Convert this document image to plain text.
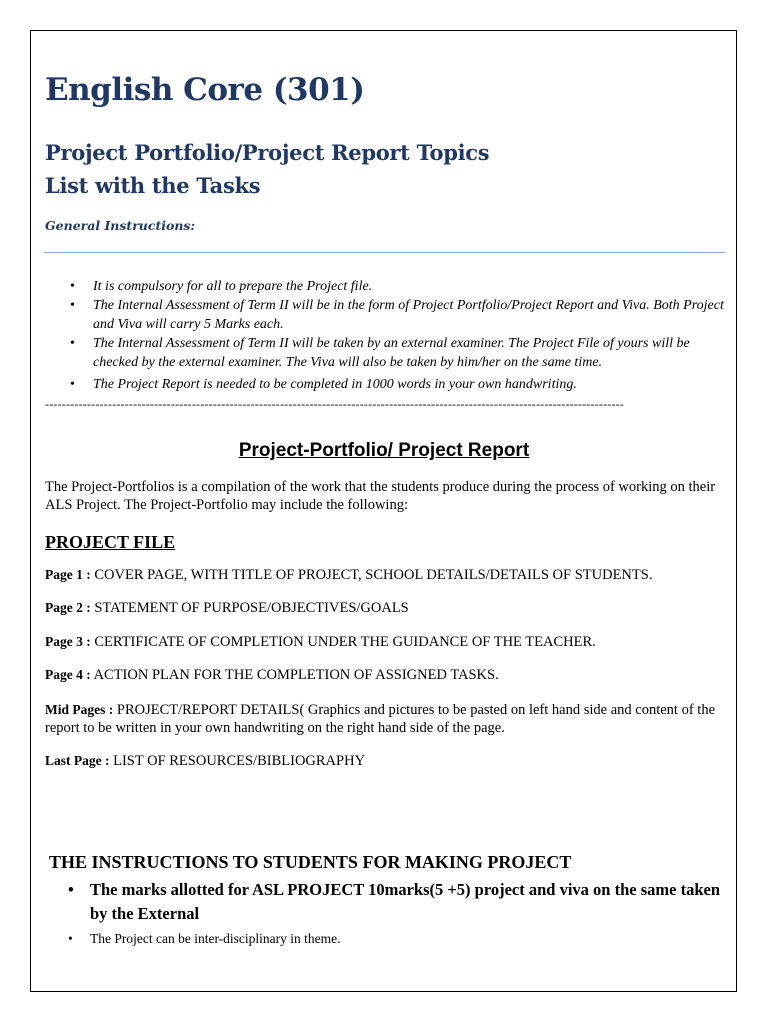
English Core (301)
Project Portfolio/Project Report Topics
List with the Tasks
General Instructions:
• It is compulsory for all to prepare the Project file.
• The Internal Assessment of Term II will be in the form of Project Portfolio/Project Report and Viva. Both Project and Viva will carry 5 Marks each.
• The Internal Assessment of Term II will be taken by an external examiner. The Project File of yours will be checked by the external examiner. The Viva will also be taken by him/her on the same time.
• The Project Report is needed to be completed in 1000 words in your own handwriting.
------------------------------------------------------------------------------------------------------------------------------------------
Project-Portfolio/ Project Report

The Project-Portfolios is a compilation of the work that the students produce during the process of working on their ALS Project. The Project-Portfolio may include the following:

PROJECT FILE
Page 1 : COVER PAGE, WITH TITLE OF PROJECT, SCHOOL DETAILS/DETAILS OF STUDENTS.
Page 2 : STATEMENT OF PURPOSE/OBJECTIVES/GOALS
Page 3 : CERTIFICATE OF COMPLETION UNDER THE GUIDANCE OF THE TEACHER.
Page 4 : ACTION PLAN FOR THE COMPLETION OF ASSIGNED TASKS.
Mid Pages : PROJECT/REPORT DETAILS( Graphics and pictures to be pasted on left hand side and content of the report to be written in your own handwriting on the right hand side of the page.
Last Page : LIST OF RESOURCES/BIBLIOGRAPHY
THE INSTRUCTIONS TO STUDENTS FOR MAKING PROJECT
• The marks allotted for ASL PROJECT 10marks(5 +5) project and viva on the same taken by the External
• The Project can be inter-disciplinary in theme.
